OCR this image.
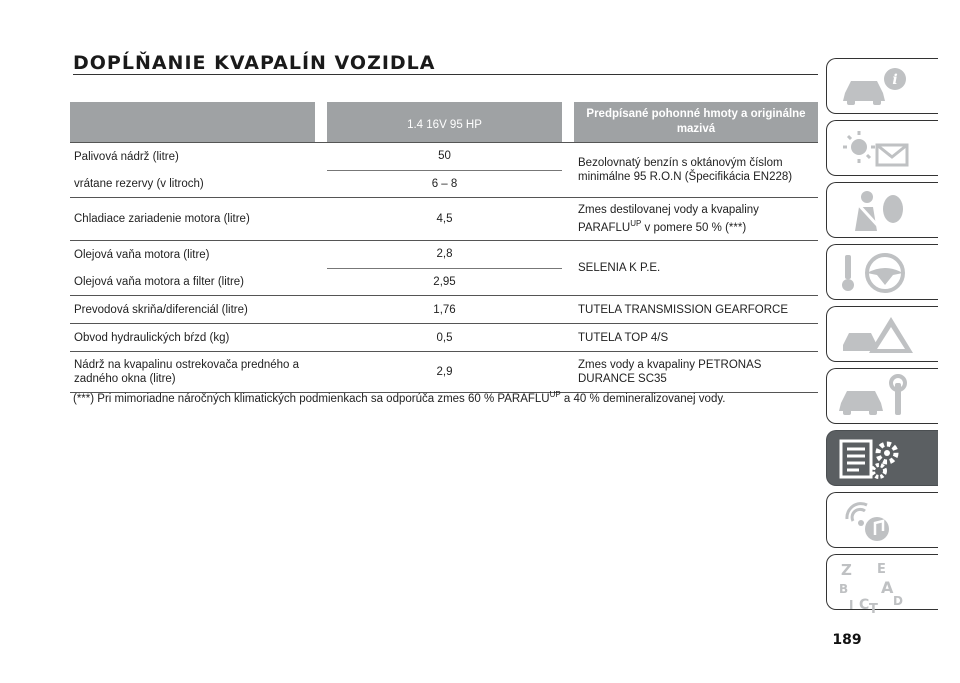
DOPĹŇANIE KVAPALÍN VOZIDLA
		1.4 16V 95 HP		Predpísané pohonné hmoty a originálne mazivá
Palivová nádrž (litre)		50		Bezolovnatý benzín s oktánovým číslom minimálne 95 R.O.N (Špecifikácia EN228)
vrátane rezervy (v litroch)		6 – 8		
Chladiace zariadenie motora (litre)		4,5		Zmes destilovanej vody a kvapaliny $PARAFLU^{UP}$ v pomere 50 % (***)
Olejová vaňa motora (litre)		2,8		SELENIA K P.E.
Olejová vaňa motora a filter (litre)		2,95		
Prevodová skriňa/diferenciál (litre)		1,76		TUTELA TRANSMISSION GEARFORCE
Obvod hydraulických bŕzd (kg)		0,5		TUTELA TOP 4/S
Nádrž na kvapalinu ostrekovača predného a zadného okna (litre)		2,9		Zmes vody a kvapaliny PETRONAS DURANCE SC35
(***) Pri mimoriadne náročných klimatických podmienkach sa odporúča zmes 60 % $PARAFLU^{UP}$ a 40 % demineralizovanej vody.
189
i
Z E
B A
I C T
D
